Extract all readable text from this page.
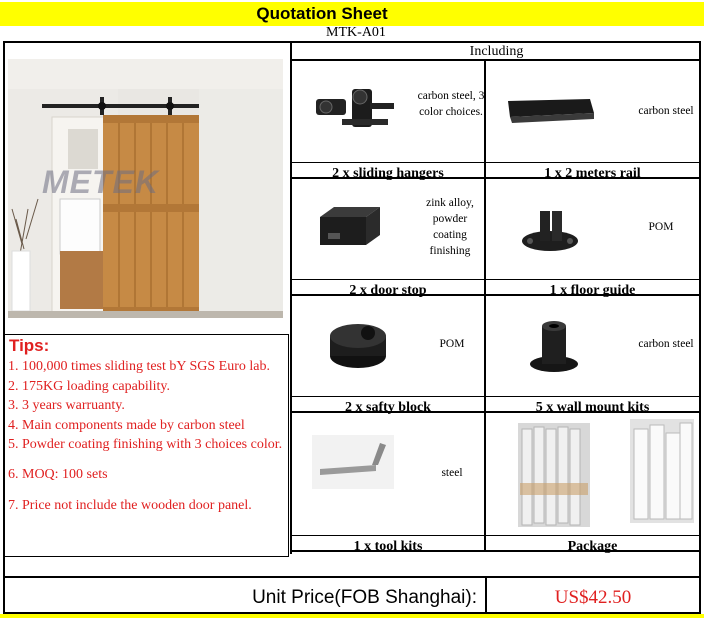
Quotation Sheet
MTK-A01
METEK
Tips:
1. 100,000 times sliding test bY SGS Euro lab.
2. 175KG loading capability.
3. 3 years warruanty.
4. Main components made by carbon steel
5. Powder coating finishing with 3 choices color.
6. MOQ: 100 sets
7. Price not include the wooden door panel.
Including
carbon steel, 3 color choices.
2 x sliding hangers
carbon steel
1 x 2 meters rail
zink alloy, powder coating finishing
2 x door stop
POM
1 x floor guide
POM
2 x safty block
carbon steel
5 x wall mount kits
steel
1 x tool kits	Package
Unit Price(FOB Shanghai):	US$42.50
